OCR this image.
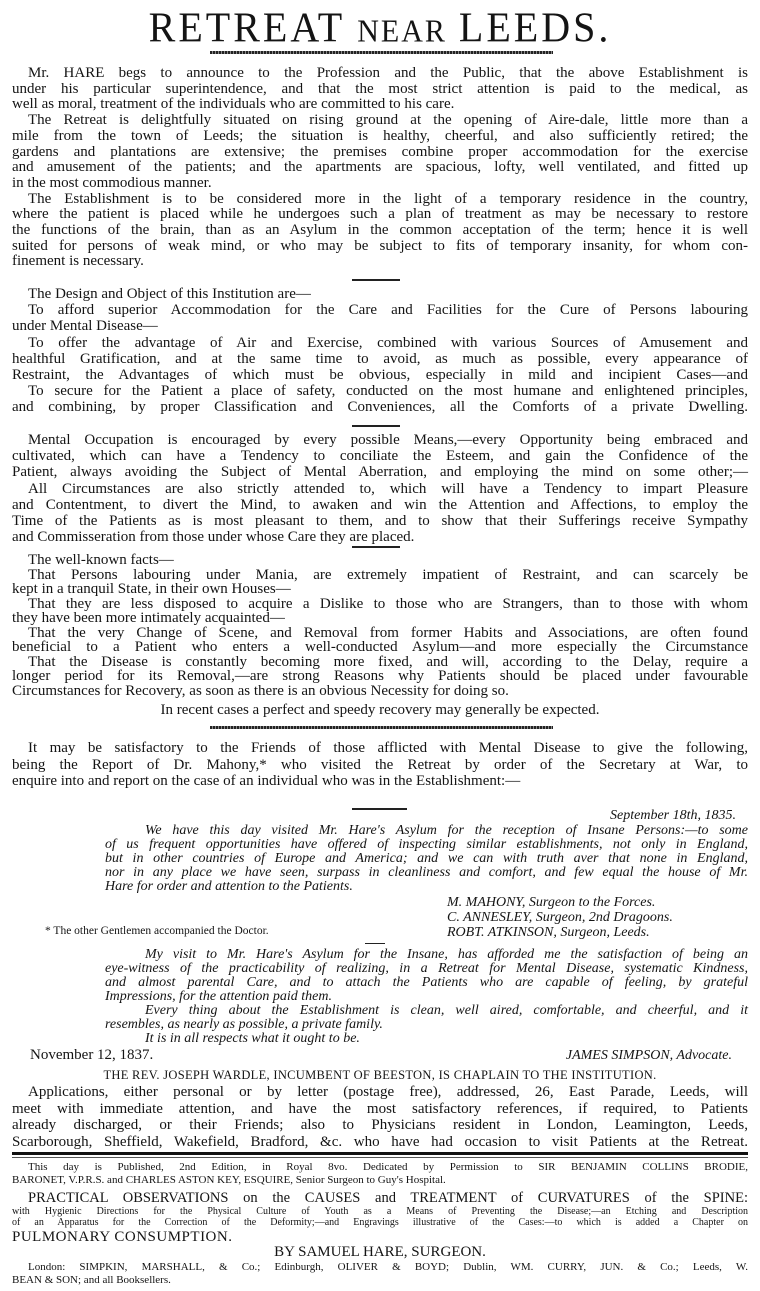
RETREAT NEAR LEEDS.
Mr. HARE begs to announce to the Profession and the Public, that the above Establishment is
under his particular superintendence, and that the most strict attention is paid to the medical, as
well as moral, treatment of the individuals who are committed to his care.
The Retreat is delightfully situated on rising ground at the opening of Aire-dale, little more than a
mile from the town of Leeds; the situation is healthy, cheerful, and also sufficiently retired; the
gardens and plantations are extensive; the premises combine proper accommodation for the exercise
and amusement of the patients; and the apartments are spacious, lofty, well ventilated, and fitted up
in the most commodious manner.
The Establishment is to be considered more in the light of a temporary residence in the country,
where the patient is placed while he undergoes such a plan of treatment as may be necessary to restore
the functions of the brain, than as an Asylum in the common acceptation of the term; hence it is well
suited for persons of weak mind, or who may be subject to fits of temporary insanity, for whom con-
finement is necessary.
The Design and Object of this Institution are—
To afford superior Accommodation for the Care and Facilities for the Cure of Persons labouring
under Mental Disease—
To offer the advantage of Air and Exercise, combined with various Sources of Amusement and
healthful Gratification, and at the same time to avoid, as much as possible, every appearance of
Restraint, the Advantages of which must be obvious, especially in mild and incipient Cases—and
To secure for the Patient a place of safety, conducted on the most humane and enlightened principles,
and combining, by proper Classification and Conveniences, all the Comforts of a private Dwelling.
Mental Occupation is encouraged by every possible Means,—every Opportunity being embraced and
cultivated, which can have a Tendency to conciliate the Esteem, and gain the Confidence of the
Patient, always avoiding the Subject of Mental Aberration, and employing the mind on some other;—
All Circumstances are also strictly attended to, which will have a Tendency to impart Pleasure
and Contentment, to divert the Mind, to awaken and win the Attention and Affections, to employ the
Time of the Patients as is most pleasant to them, and to show that their Sufferings receive Sympathy
and Commisseration from those under whose Care they are placed.
The well-known facts—
That Persons labouring under Mania, are extremely impatient of Restraint, and can scarcely be
kept in a tranquil State, in their own Houses—
That they are less disposed to acquire a Dislike to those who are Strangers, than to those with whom
they have been more intimately acquainted—
That the very Change of Scene, and Removal from former Habits and Associations, are often found
beneficial to a Patient who enters a well-conducted Asylum—and more especially the Circumstance
That the Disease is constantly becoming more fixed, and will, according to the Delay, require a
longer period for its Removal,—are strong Reasons why Patients should be placed under favourable
Circumstances for Recovery, as soon as there is an obvious Necessity for doing so.
In recent cases a perfect and speedy recovery may generally be expected.
It may be satisfactory to the Friends of those afflicted with Mental Disease to give the following,
being the Report of Dr. Mahony,* who visited the Retreat by order of the Secretary at War, to
enquire into and report on the case of an individual who was in the Establishment:—
September 18th, 1835.
We have this day visited Mr. Hare's Asylum for the reception of Insane Persons:—to some
of us frequent opportunities have offered of inspecting similar establishments, not only in England,
but in other countries of Europe and America; and we can with truth aver that none in England,
nor in any place we have seen, surpass in cleanliness and comfort, and few equal the house of Mr.
Hare for order and attention to the Patients.
M. MAHONY, Surgeon to the Forces.
C. ANNESLEY, Surgeon, 2nd Dragoons.
ROBT. ATKINSON, Surgeon, Leeds.
* The other Gentlemen accompanied the Doctor.
My visit to Mr. Hare's Asylum for the Insane, has afforded me the satisfaction of being an
eye-witness of the practicability of realizing, in a Retreat for Mental Disease, systematic Kindness,
and almost parental Care, and to attach the Patients who are capable of feeling, by grateful
Impressions, for the attention paid them.
Every thing about the Establishment is clean, well aired, comfortable, and cheerful, and it
resembles, as nearly as possible, a private family.
It is in all respects what it ought to be.
November 12, 1837.	JAMES SIMPSON, Advocate.
THE REV. JOSEPH WARDLE, INCUMBENT OF BEESTON, IS CHAPLAIN TO THE INSTITUTION.
Applications, either personal or by letter (postage free), addressed, 26, East Parade, Leeds, will
meet with immediate attention, and have the most satisfactory references, if required, to Patients
already discharged, or their Friends; also to Physicians resident in London, Leamington, Leeds,
Scarborough, Sheffield, Wakefield, Bradford, &c. who have had occasion to visit Patients at the Retreat.
This day is Published, 2nd Edition, in Royal 8vo. Dedicated by Permission to SIR BENJAMIN COLLINS BRODIE,
BARONET, V.P.R.S. and CHARLES ASTON KEY, ESQUIRE, Senior Surgeon to Guy's Hospital.
PRACTICAL OBSERVATIONS on the CAUSES and TREATMENT of CURVATURES of the SPINE:
with Hygienic Directions for the Physical Culture of Youth as a Means of Preventing the Disease;—an Etching and Description
of an Apparatus for the Correction of the Deformity;—and Engravings illustrative of the Cases:—to which is added a Chapter on
PULMONARY CONSUMPTION.
BY SAMUEL HARE, SURGEON.
London: SIMPKIN, MARSHALL, & Co.; Edinburgh, OLIVER & BOYD; Dublin, WM. CURRY, JUN. & Co.; Leeds, W.
BEAN & SON; and all Booksellers.
